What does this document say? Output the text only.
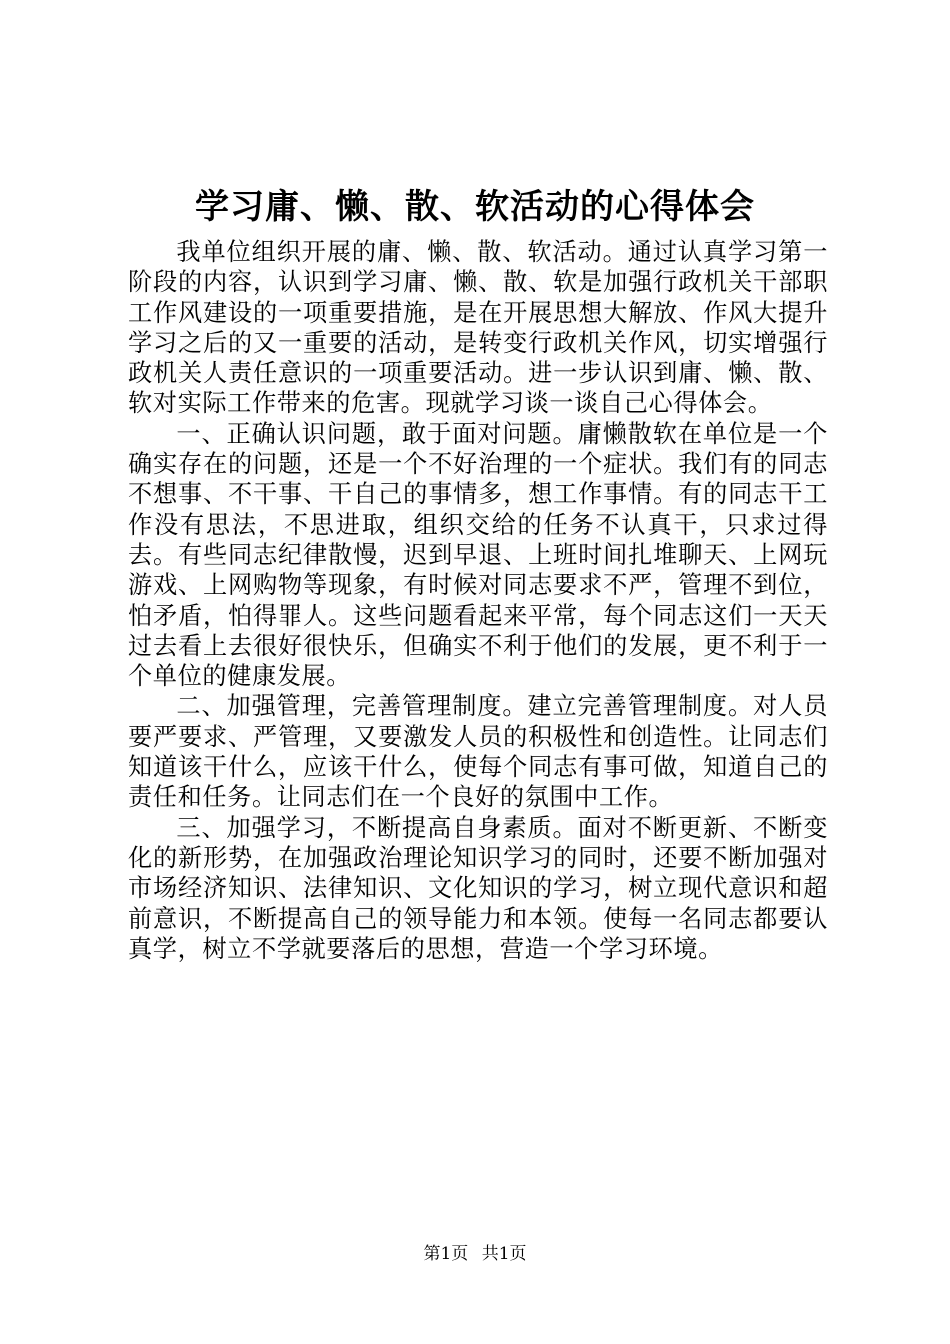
学习庸、懒、散、软活动的心得体会

我单位组织开展的庸、懒、散、软活动。通过认真学习第一阶段的内容，认识到学习庸、懒、散、软是加强行政机关干部职工作风建设的一项重要措施，是在开展思想大解放、作风大提升学习之后的又一重要的活动，是转变行政机关作风，切实增强行政机关人责任意识的一项重要活动。进一步认识到庸、懒、散、软对实际工作带来的危害。现就学习谈一谈自己心得体会。

一、正确认识问题，敢于面对问题。庸懒散软在单位是一个确实存在的问题，还是一个不好治理的一个症状。我们有的同志不想事、不干事、干自己的事情多，想工作事情。有的同志干工作没有思法，不思进取，组织交给的任务不认真干，只求过得去。有些同志纪律散慢，迟到早退、上班时间扎堆聊天、上网玩游戏、上网购物等现象，有时候对同志要求不严，管理不到位，怕矛盾，怕得罪人。这些问题看起来平常，每个同志这们一天天过去看上去很好很快乐，但确实不利于他们的发展，更不利于一个单位的健康发展。

二、加强管理，完善管理制度。建立完善管理制度。对人员要严要求、严管理，又要激发人员的积极性和创造性。让同志们知道该干什么，应该干什么，使每个同志有事可做，知道自己的责任和任务。让同志们在一个良好的氛围中工作。

三、加强学习，不断提高自身素质。面对不断更新、不断变化的新形势，在加强政治理论知识学习的同时，还要不断加强对市场经济知识、法律知识、文化知识的学习，树立现代意识和超前意识，不断提高自己的领导能力和本领。使每一名同志都要认真学，树立不学就要落后的思想，营造一个学习环境。

第1页 共1页
